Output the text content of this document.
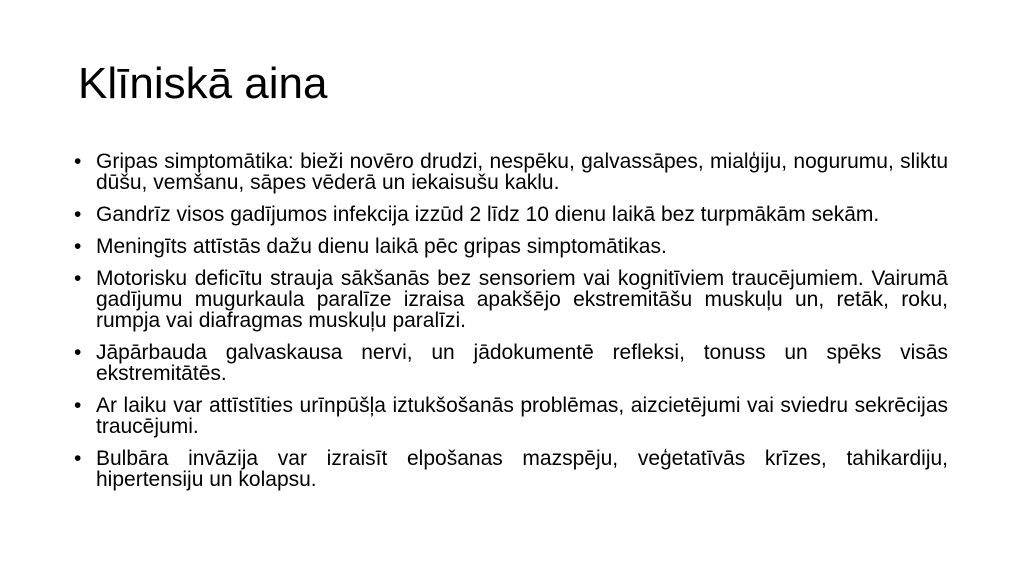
Klīniskā aina
• Gripas simptomātika: bieži novēro drudzi, nespēku, galvassāpes, mialģiju, nogurumu, sliktu dūšu, vemšanu, sāpes vēderā un iekaisušu kaklu.
• Gandrīz visos gadījumos infekcija izzūd 2 līdz 10 dienu laikā bez turpmākām sekām.
• Meningīts attīstās dažu dienu laikā pēc gripas simptomātikas.
• Motorisku deficītu strauja sākšanās bez sensoriem vai kognitīviem traucējumiem. Vairumā gadījumu mugurkaula paralīze izraisa apakšējo ekstremitāšu muskuļu un, retāk, roku, rumpja vai diafragmas muskuļu paralīzi.
• Jāpārbauda galvaskausa nervi, un jādokumentē refleksi, tonuss un spēks visās ekstremitātēs.
• Ar laiku var attīstīties urīnpūšļa iztukšošanās problēmas, aizcietējumi vai sviedru sekrēcijas traucējumi.
• Bulbāra invāzija var izraisīt elpošanas mazspēju, veģetatīvās krīzes, tahikardiju, hipertensiju un kolapsu.
